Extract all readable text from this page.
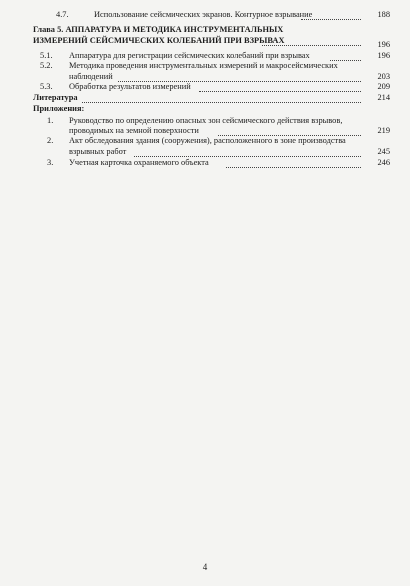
4.7.	Использование сейсмических экранов. Контурное взрывание	188
Глава 5. АППАРАТУРА И МЕТОДИКА ИНСТРУМЕНТАЛЬНЫХ
ИЗМЕРЕНИЙ СЕЙСМИЧЕСКИХ КОЛЕБАНИЙ ПРИ ВЗРЫВАХ	196
5.1. Аппаратура для регистрации сейсмических колебаний при взрывах	196
5.2. Методика проведения инструментальных измерений и макросейсмических
наблюдений	203
5.3. Обработка результатов измерений	209
Литература	214
Приложения:
1. Руководство по определению опасных зон сейсмического действия взрывов,
проводимых на земной поверхности	219
2. Акт обследования здания (сооружения), расположенного в зоне производства
взрывных работ	245
3. Учетная карточка охраняемого объекта	246
4
